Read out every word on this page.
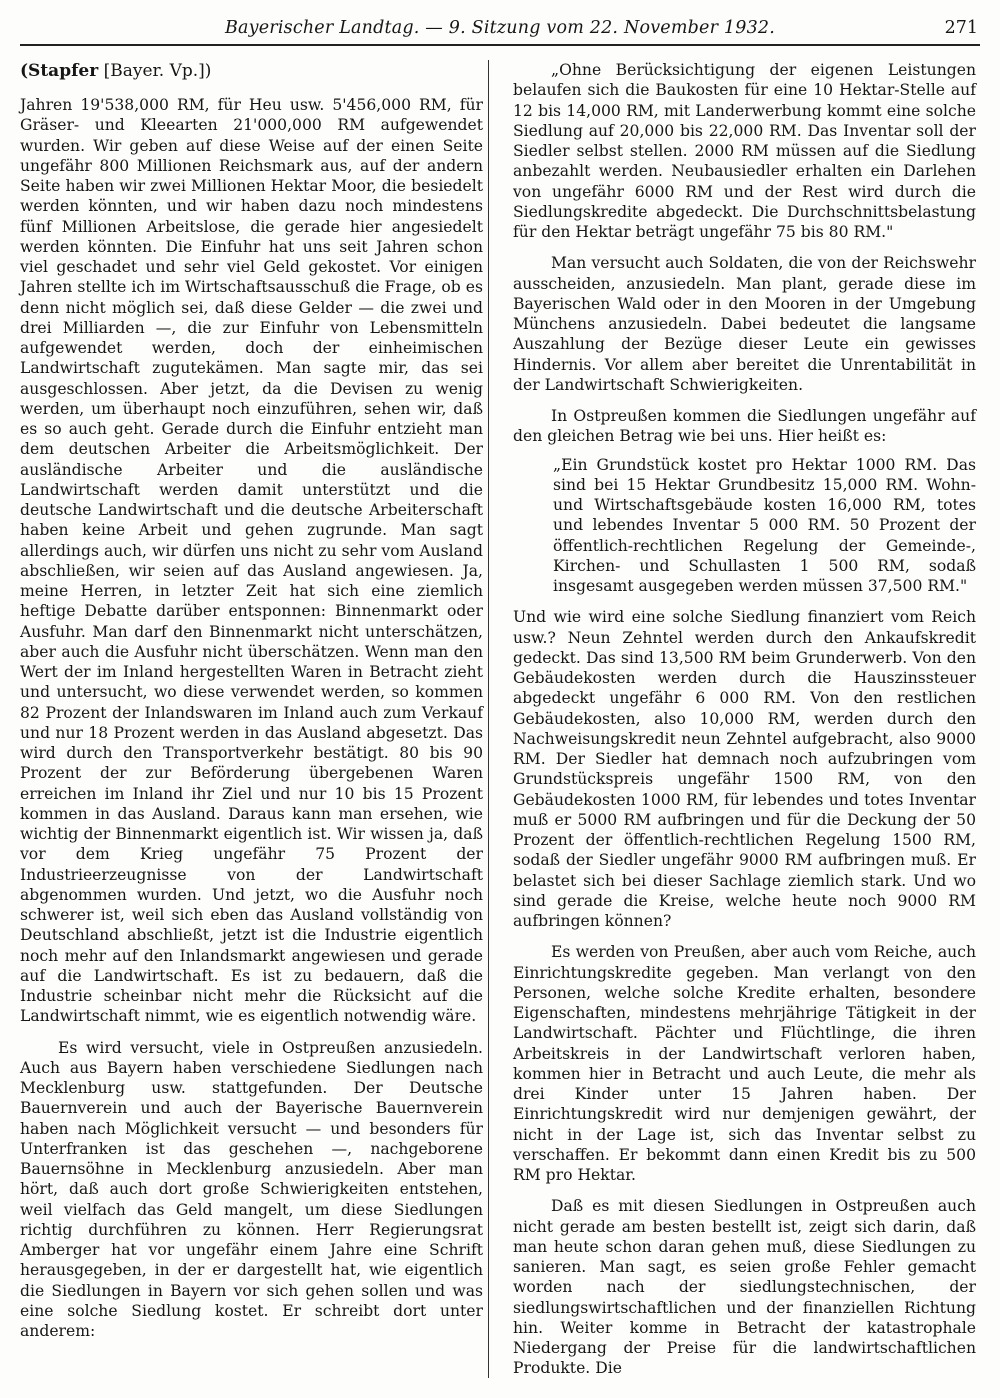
Bayerischer Landtag. — 9. Sitzung vom 22. November 1932.	271
(Stapfer [Bayer. Vp.])

Jahren 19'538,000 RM, für Heu usw. 5'456,000 RM, für Gräser- und Kleearten 21'000,000 RM aufgewendet wurden. Wir geben auf diese Weise auf der einen Seite ungefähr 800 Millionen Reichsmark aus, auf der andern Seite haben wir zwei Millionen Hektar Moor, die besiedelt werden könnten, und wir haben dazu noch mindestens fünf Millionen Arbeitslose, die gerade hier angesiedelt werden könnten. Die Einfuhr hat uns seit Jahren schon viel geschadet und sehr viel Geld gekostet. Vor einigen Jahren stellte ich im Wirtschaftsausschuß die Frage, ob es denn nicht möglich sei, daß diese Gelder — die zwei und drei Milliarden —, die zur Einfuhr von Lebensmitteln aufgewendet werden, doch der einheimischen Landwirtschaft zugutekämen. Man sagte mir, das sei ausgeschlossen. Aber jetzt, da die Devisen zu wenig werden, um überhaupt noch einzuführen, sehen wir, daß es so auch geht. Gerade durch die Einfuhr entzieht man dem deutschen Arbeiter die Arbeitsmöglichkeit. Der ausländische Arbeiter und die ausländische Landwirtschaft werden damit unterstützt und die deutsche Landwirtschaft und die deutsche Arbeiterschaft haben keine Arbeit und gehen zugrunde. Man sagt allerdings auch, wir dürfen uns nicht zu sehr vom Ausland abschließen, wir seien auf das Ausland angewiesen. Ja, meine Herren, in letzter Zeit hat sich eine ziemlich heftige Debatte darüber entsponnen: Binnenmarkt oder Ausfuhr. Man darf den Binnenmarkt nicht unterschätzen, aber auch die Ausfuhr nicht überschätzen. Wenn man den Wert der im Inland hergestellten Waren in Betracht zieht und untersucht, wo diese verwendet werden, so kommen 82 Prozent der Inlandswaren im Inland auch zum Verkauf und nur 18 Prozent werden in das Ausland abgesetzt. Das wird durch den Transportverkehr bestätigt. 80 bis 90 Prozent der zur Beförderung übergebenen Waren erreichen im Inland ihr Ziel und nur 10 bis 15 Prozent kommen in das Ausland. Daraus kann man ersehen, wie wichtig der Binnenmarkt eigentlich ist. Wir wissen ja, daß vor dem Krieg ungefähr 75 Prozent der Industrieerzeugnisse von der Landwirtschaft abgenommen wurden. Und jetzt, wo die Ausfuhr noch schwerer ist, weil sich eben das Ausland vollständig von Deutschland abschließt, jetzt ist die Industrie eigentlich noch mehr auf den Inlandsmarkt angewiesen und gerade auf die Landwirtschaft. Es ist zu bedauern, daß die Industrie scheinbar nicht mehr die Rücksicht auf die Landwirtschaft nimmt, wie es eigentlich notwendig wäre.

Es wird versucht, viele in Ostpreußen anzusiedeln. Auch aus Bayern haben verschiedene Siedlungen nach Mecklenburg usw. stattgefunden. Der Deutsche Bauernverein und auch der Bayerische Bauernverein haben nach Möglichkeit versucht — und besonders für Unterfranken ist das geschehen —, nachgeborene Bauernsöhne in Mecklenburg anzusiedeln. Aber man hört, daß auch dort große Schwierigkeiten entstehen, weil vielfach das Geld mangelt, um diese Siedlungen richtig durchführen zu können. Herr Regierungsrat Amberger hat vor ungefähr einem Jahre eine Schrift herausgegeben, in der er dargestellt hat, wie eigentlich die Siedlungen in Bayern vor sich gehen sollen und was eine solche Siedlung kostet. Er schreibt dort unter anderem:

„Ohne Berücksichtigung der eigenen Leistungen belaufen sich die Baukosten für eine 10 Hektar-Stelle auf 12 bis 14,000 RM, mit Landerwerbung kommt eine solche Siedlung auf 20,000 bis 22,000 RM. Das Inventar soll der Siedler selbst stellen. 2000 RM müssen auf die Siedlung anbezahlt werden. Neubausiedler erhalten ein Darlehen von ungefähr 6000 RM und der Rest wird durch die Siedlungskredite abgedeckt. Die Durchschnittsbelastung für den Hektar beträgt ungefähr 75 bis 80 RM."

Man versucht auch Soldaten, die von der Reichswehr ausscheiden, anzusiedeln. Man plant, gerade diese im Bayerischen Wald oder in den Mooren in der Umgebung Münchens anzusiedeln. Dabei bedeutet die langsame Auszahlung der Bezüge dieser Leute ein gewisses Hindernis. Vor allem aber bereitet die Unrentabilität in der Landwirtschaft Schwierigkeiten.

In Ostpreußen kommen die Siedlungen ungefähr auf den gleichen Betrag wie bei uns. Hier heißt es:

„Ein Grundstück kostet pro Hektar 1000 RM. Das sind bei 15 Hektar Grundbesitz 15,000 RM. Wohn- und Wirtschaftsgebäude kosten 16,000 RM, totes und lebendes Inventar 5 000 RM. 50 Prozent der öffentlich-rechtlichen Regelung der Gemeinde-, Kirchen- und Schullasten 1 500 RM, sodaß insgesamt ausgegeben werden müssen 37,500 RM."

Und wie wird eine solche Siedlung finanziert vom Reich usw.? Neun Zehntel werden durch den Ankaufskredit gedeckt. Das sind 13,500 RM beim Grunderwerb. Von den Gebäudekosten werden durch die Hauszinssteuer abgedeckt ungefähr 6 000 RM. Von den restlichen Gebäudekosten, also 10,000 RM, werden durch den Nachweisungskredit neun Zehntel aufgebracht, also 9000 RM. Der Siedler hat demnach noch aufzubringen vom Grundstückspreis ungefähr 1500 RM, von den Gebäudekosten 1000 RM, für lebendes und totes Inventar muß er 5000 RM aufbringen und für die Deckung der 50 Prozent der öffentlich-rechtlichen Regelung 1500 RM, sodaß der Siedler ungefähr 9000 RM aufbringen muß. Er belastet sich bei dieser Sachlage ziemlich stark. Und wo sind gerade die Kreise, welche heute noch 9000 RM aufbringen können?

Es werden von Preußen, aber auch vom Reiche, auch Einrichtungskredite gegeben. Man verlangt von den Personen, welche solche Kredite erhalten, besondere Eigenschaften, mindestens mehrjährige Tätigkeit in der Landwirtschaft. Pächter und Flüchtlinge, die ihren Arbeitskreis in der Landwirtschaft verloren haben, kommen hier in Betracht und auch Leute, die mehr als drei Kinder unter 15 Jahren haben. Der Einrichtungskredit wird nur demjenigen gewährt, der nicht in der Lage ist, sich das Inventar selbst zu verschaffen. Er bekommt dann einen Kredit bis zu 500 RM pro Hektar.

Daß es mit diesen Siedlungen in Ostpreußen auch nicht gerade am besten bestellt ist, zeigt sich darin, daß man heute schon daran gehen muß, diese Siedlungen zu sanieren. Man sagt, es seien große Fehler gemacht worden nach der siedlungstechnischen, der siedlungswirtschaftlichen und der finanziellen Richtung hin. Weiter komme in Betracht der katastrophale Niedergang der Preise für die landwirtschaftlichen Produkte. Die
